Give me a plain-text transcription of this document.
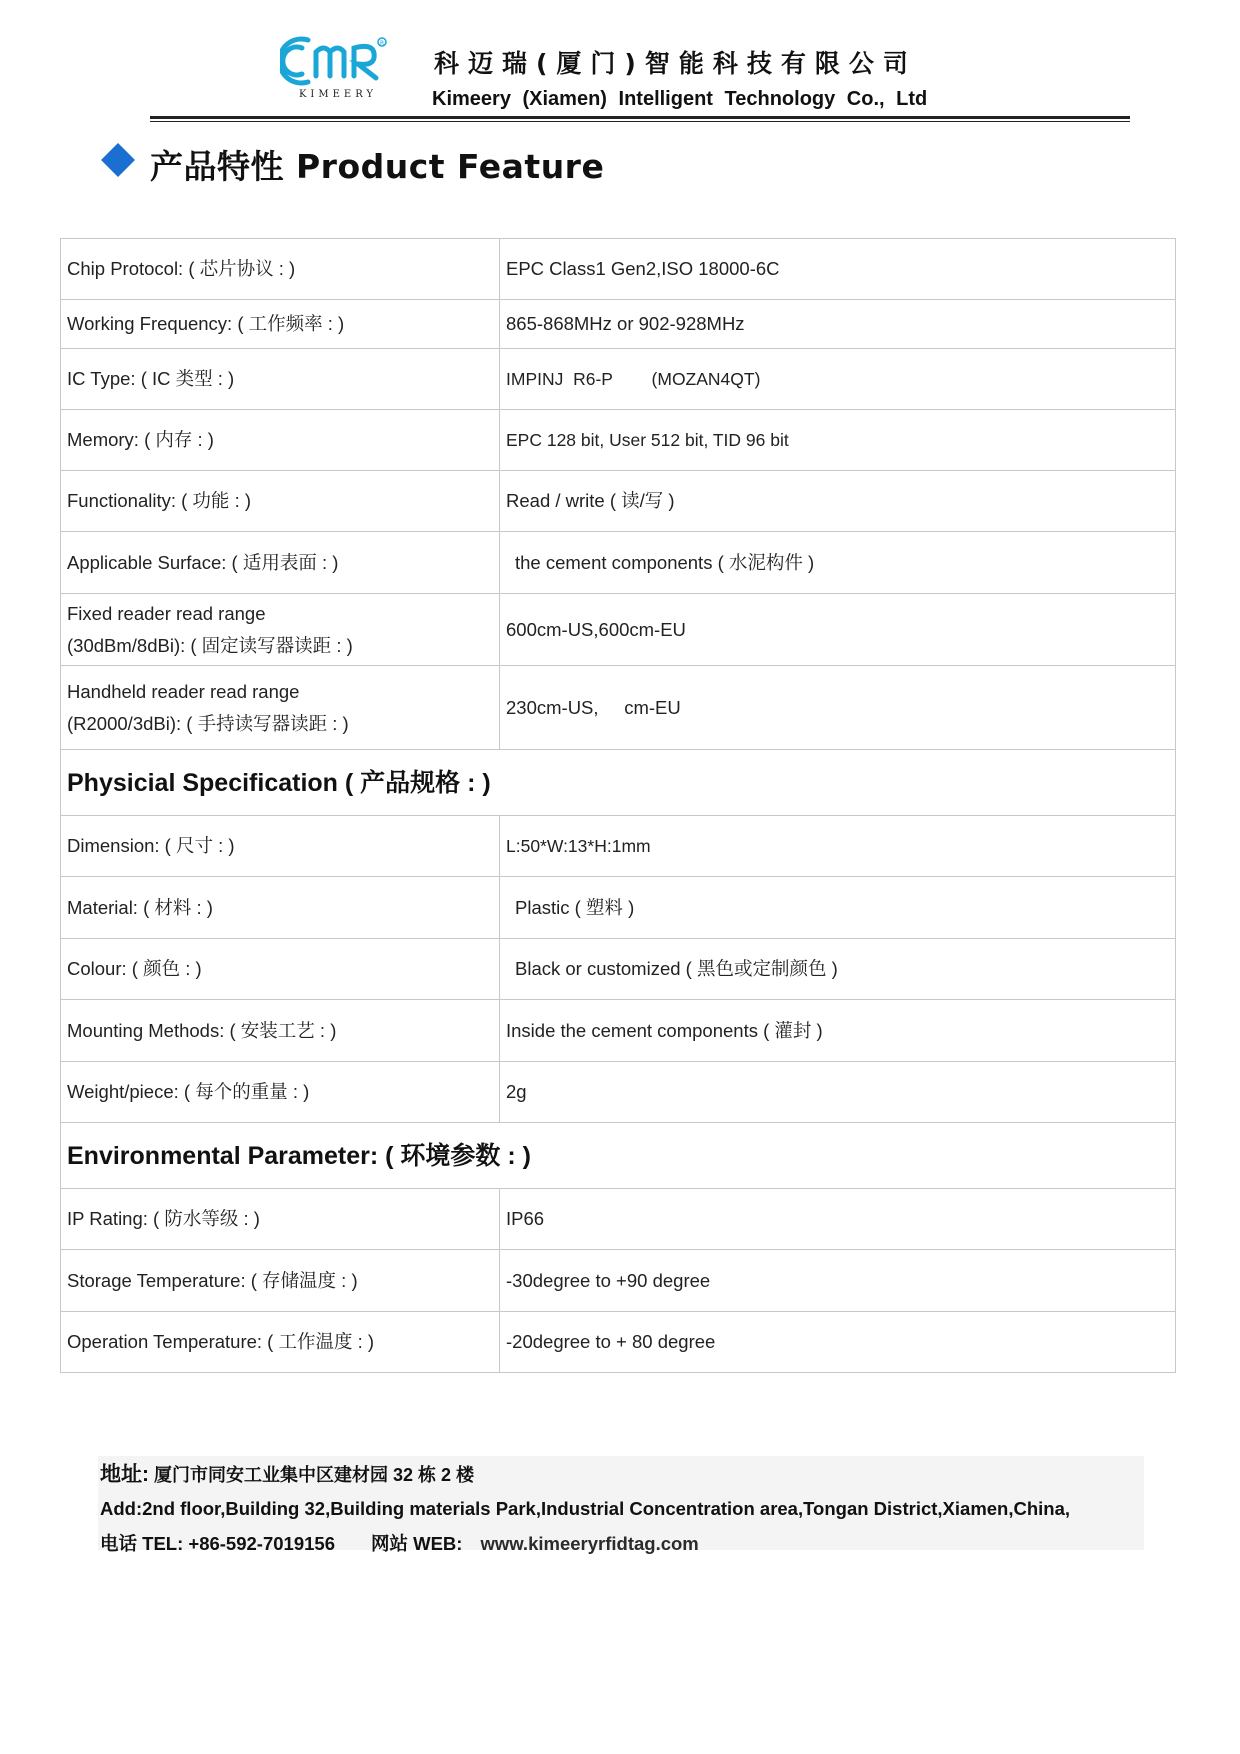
R
KIMEERY
科迈瑞(厦门)智能科技有限公司
Kimeery (Xiamen) Intelligent Technology Co., Ltd
产品特性 Product Feature
Chip Protocol: ( 芯片协议 : )	EPC Class1 Gen2,ISO 18000-6C
Working Frequency: ( 工作频率 : )	865-868MHz or 902-928MHz
IC Type: ( IC 类型 : )	IMPINJ  R6-P        (MOZAN4QT)
Memory: ( 内存 : )	EPC 128 bit, User 512 bit, TID 96 bit
Functionality: ( 功能 : )	Read / write ( 读/写 )
Applicable Surface: ( 适用表面 : )	the cement components ( 水泥构件 )

Fixed reader read range
(30dBm/8dBi): ( 固定读写器读距 : )	600cm-US,600cm-EU

Handheld reader read range
(R2000/3dBi): ( 手持读写器读距 : )	230cm-US,     cm-EU
Physicial Specification ( 产品规格 : )	
Dimension: ( 尺寸 : )	L:50*W:13*H:1mm
Material: ( 材料 : )	Plastic ( 塑料 )
Colour: ( 颜色 : )	Black or customized ( 黑色或定制颜色 )
Mounting Methods: ( 安装工艺 : )	Inside the cement components ( 灌封 )
Weight/piece: ( 每个的重量 : )	2g
Environmental Parameter: ( 环境参数 : )	
IP Rating: ( 防水等级 : )	IP66
Storage Temperature: ( 存储温度 : )	-30degree to +90 degree
Operation Temperature: ( 工作温度 : )	-20degree to + 80 degree
地址: 厦门市同安工业集中区建材园 32 栋 2 楼
Add:2nd floor,Building 32,Building materials Park,Industrial Concentration area,Tongan District,Xiamen,China,
电话 TEL: +86-592-7019156 网站 WEB: www.kimeeryrfidtag.com
